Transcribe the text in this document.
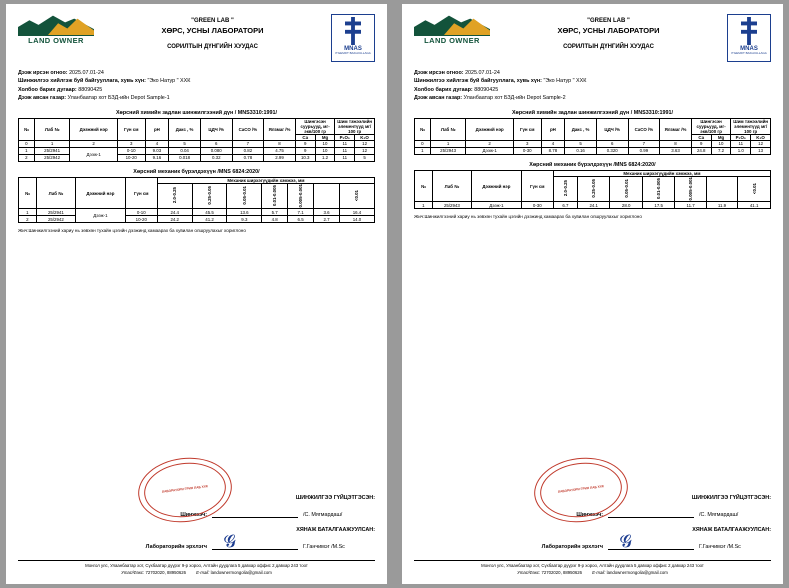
LAND OWNER
"GREEN LAB "
ХӨРС, УСНЫ ЛАБОРАТОРИ
СОРИЛТЫН ДҮНГИЙН ХУУДАС	MNAS
ITGEMJIT BAIGUULLAGA
Дээж ирсэн огноо: 2025.07.01-24
Шинжилгээ хийлгэж буй байгууллага, хувь хүн: "Эко Натур " ХХК
Холбоо барих дугаар: 88090425
Дээж авсан газар: Уланбаатар хот БЗД-ийн Depot Sample-1
Хөрсний химийн задлан шинжилгээний дүн / MNS3310:1991/
№	Лаб №	Дээжний нэр	Гүн см	pH	Дакс , %	ЦДЧ /%	CaCO /%	Ялзмаг /%	Шингэсэн суурьууд, мг-экв/100 гр		Шим тэжээлийн элементүүд мг/ 100 гр	
									Ca	Mg	P₂O₅	K₂O
0	1	2	3	4	5	6	7	8	9	10	11	12
1	25/2941	Дээж-1	0-10	9.03	0.04	0.080	0.82	4.75	9	10	11	12
2	25/2942		10-20	9.16	0.018	0.32	0.78	2.99	10.3	1.2	11	5
Хөрсний механик бүрэлдэхүүн /MNS 6824:2020/
№	Лаб №	Дээжний нэр	Гүн см	Механик ширхэгүүдийн хэмжээ, мм						
				2.0-0.25	0.25-0.05	0.05-0.01	0.01-0.005	0.005-0.001		<0.01
1	25/2941	Дээж-1	0-10	24.4	45.5	13.6	5.7	7.1	3.6	16.4
2	25/2942		10-20	24.2	41.2	9.3	4.8	6.5	2.7	14.0
Жич:Шинжилгээний хариу нь зөвхөн тухайн цэгийн дээжинд хамаарах ба хувилан олшруулахыг хориглоно
ШИНЖИЛГЭЭ ГҮЙЦЭТГЭСЭН:
Шинжээч:	/С. Мягмардаш/
ХЯНАЖ БАТАЛГААЖУУЛСАН:
Лабораторийн эрхлэгч	Г.Ганчимэг /M.Sc
ЛАБОРАТОРИ ГРИН ЛАБ ХХК
𝓖
Монгол улс, Улаанбаатар хот, Сүхбаатар дүүрэг 9-р хороо, Алтайн дуудлага 5 давхар оффис 2 давхар 243 тоот
Утас/Факс: 72702020, 88950626 E-mail: landownermongolia@gmail.com
LAND OWNER
"GREEN LAB "
ХӨРС, УСНЫ ЛАБОРАТОРИ
СОРИЛТЫН ДҮНГИЙН ХУУДАС	MNAS
ITGEMJIT BAIGUULLAGA
Дээж ирсэн огноо: 2025.07.01-24
Шинжилгээ хийлгэж буй байгууллага, хувь хүн: "Эко Натур " ХХК
Холбоо барих дугаар: 88090425
Дээж авсан газар: Уланбаатар хот БЗД-ийн Depot Sample-2
Хөрсний химийн задлан шинжилгээний дүн / MNS3310:1991/
№	Лаб №	Дээжний нэр	Гүн см	pH	Дакс , %	ЦДЧ /%	CaCO /%	Ялзмаг /%	Шингэсэн суурьууд, мг-экв/100 гр		Шим тэжээлийн элементүүд мг/ 100 гр	
									Ca	Mg	P₂O₅	K₂O
0	1	2	3	4	5	6	7	8	9	10	11	12
1	25/2943	Дээж-1	0-30	8.78	0.16	0.320	0.99	3.63	24.8	7.2	1.0	13
Хөрсний механик бүрэлдэхүүн /MNS 6824:2020/
№	Лаб №	Дээжний нэр	Гүн см	Механик ширхэгүүдийн хэмжээ, мм						
				2.0-0.25	0.25-0.05	0.05-0.01	0.01-0.005	0.005-0.001		<0.01
1	25/2943	Дээж-1	0-30	6.7	24.1	28.0	17.5	11.7	11.9	41.1
Жич:Шинжилгээний хариу нь зөвхөн тухайн цэгийн дээжинд хамаарах ба хувилан олшруулахыг хориглоно
ШИНЖИЛГЭЭ ГҮЙЦЭТГЭСЭН:
Шинжээч:	/С. Мягмардаш/
ХЯНАЖ БАТАЛГААЖУУЛСАН:
Лабораторийн эрхлэгч	Г.Ганчимэг /M.Sc
ЛАБОРАТОРИ ГРИН ЛАБ ХХК
𝓖
Монгол улс, Улаанбаатар хот, Сүхбаатар дүүрэг 9-р хороо, Алтайн дуудлага 5 давхар оффис 2 давхар 243 тоот
Утас/Факс: 72702020, 88950626 E-mail: landownermongolia@gmail.com
